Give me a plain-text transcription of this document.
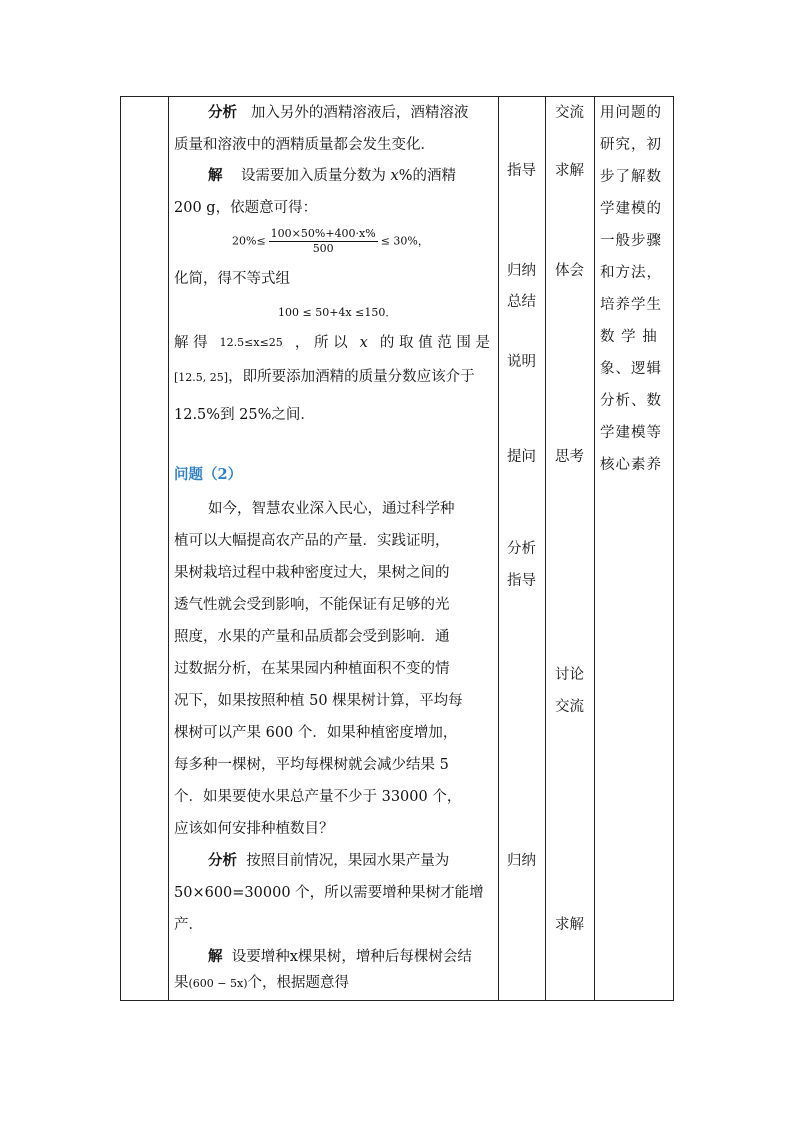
分析 加入另外的酒精溶液后，酒精溶液
质量和溶液中的酒精质量都会发生变化．
解 设需要加入质量分数为 x%的酒精
200 g，依题意可得：
$20\%\le \frac{100\times 50\%+400\cdot x\%}{500} \le 30\%$，
化简，得不等式组
100 ≤ 50+4x ≤150．
解 得 12.5≤x≤25 ， 所 以 x 的 取 值 范 围 是
[12.5, 25]，即所要添加酒精的质量分数应该介于
12.5%到 25%之间．
问题（2）
如今，智慧农业深入民心，通过科学种
植可以大幅提高农产品的产量．实践证明，
果树栽培过程中栽种密度过大，果树之间的
透气性就会受到影响，不能保证有足够的光
照度，水果的产量和品质都会受到影响．通
过数据分析，在某果园内种植面积不变的情
况下，如果按照种植 50 棵果树计算，平均每
棵树可以产果 600 个．如果种植密度增加，
每多种一棵树，平均每棵树就会减少结果 5
个．如果要使水果总产量不少于 33000 个，
应该如何安排种植数目？
分析 按照目前情况，果园水果产量为
50×600=30000 个，所以需要增种果树才能增
产．
解 设要增种x棵果树，增种后每棵树会结
果(600 − 5x)个，根据题意得
指导
归纳
总结
说明
提问
分析
指导
归纳
交流
求解
体会
思考
讨论
交流
求解
用问题的
研究，初
步了解数
学建模的
一般步骤
和方法，
培养学生
数 学 抽
象、逻辑
分析、数
学建模等
核心素养
